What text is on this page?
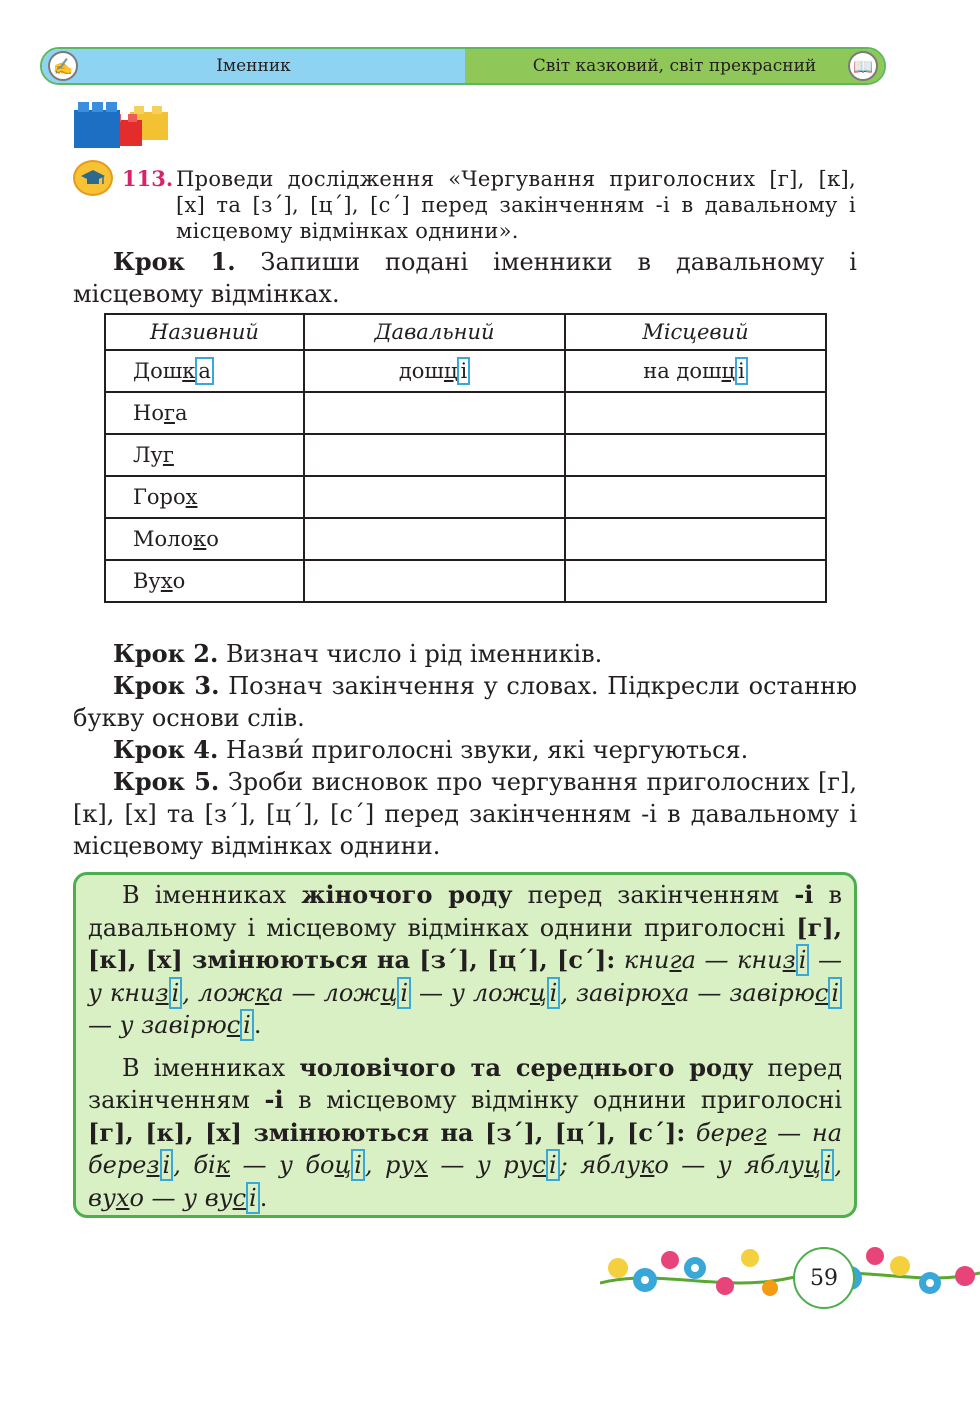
✍	Іменник	Світ казковий, світ прекрасний	📖
113. Проведи дослідження «Чергування приголосних [г], [к], [х] та [з´], [ц´], [с´] перед закінченням -і в давальному і місцевому відмінках однини».
Крок 1. Запиши подані іменники в давальному і місцевому відмінках.
Називний	Давальний	Місцевий
Дошк а	дошц і	на дошц і
Нога		
Луг		
Горох		
Молоко		
Вухо		
Крок 2. Визнач число і рід іменників.
Крок 3. Познач закінчення у словах. Підкресли останню букву основи слів.
Крок 4. Назви́ приголосні звуки, які чергуються.
Крок 5. Зроби висновок про чергування приголосних [г], [к], [х] та [з´], [ц´], [с´] перед закінченням -і в давальному і місцевому відмінках однини.

В іменниках жіночого роду перед закінченням -і в давальному і місцевому відмінках однини приголосні [г], [к], [х] змінюються на [з´], [ц´], [с´]: книга — книз і — у книз і , ложка — ложц і — у ложц і , завірюха — завірюс і — у завірюс і .

В іменниках чоловічого та середнього роду перед закінченням -і в місцевому відмінку однини приголосні [г], [к], [х] змінюються на [з´], [ц´], [с´]: берег — на берез і , бік — у боц і , рух — у рус і ; яблуко — у яблуц і , вухо — у вус і .

59
